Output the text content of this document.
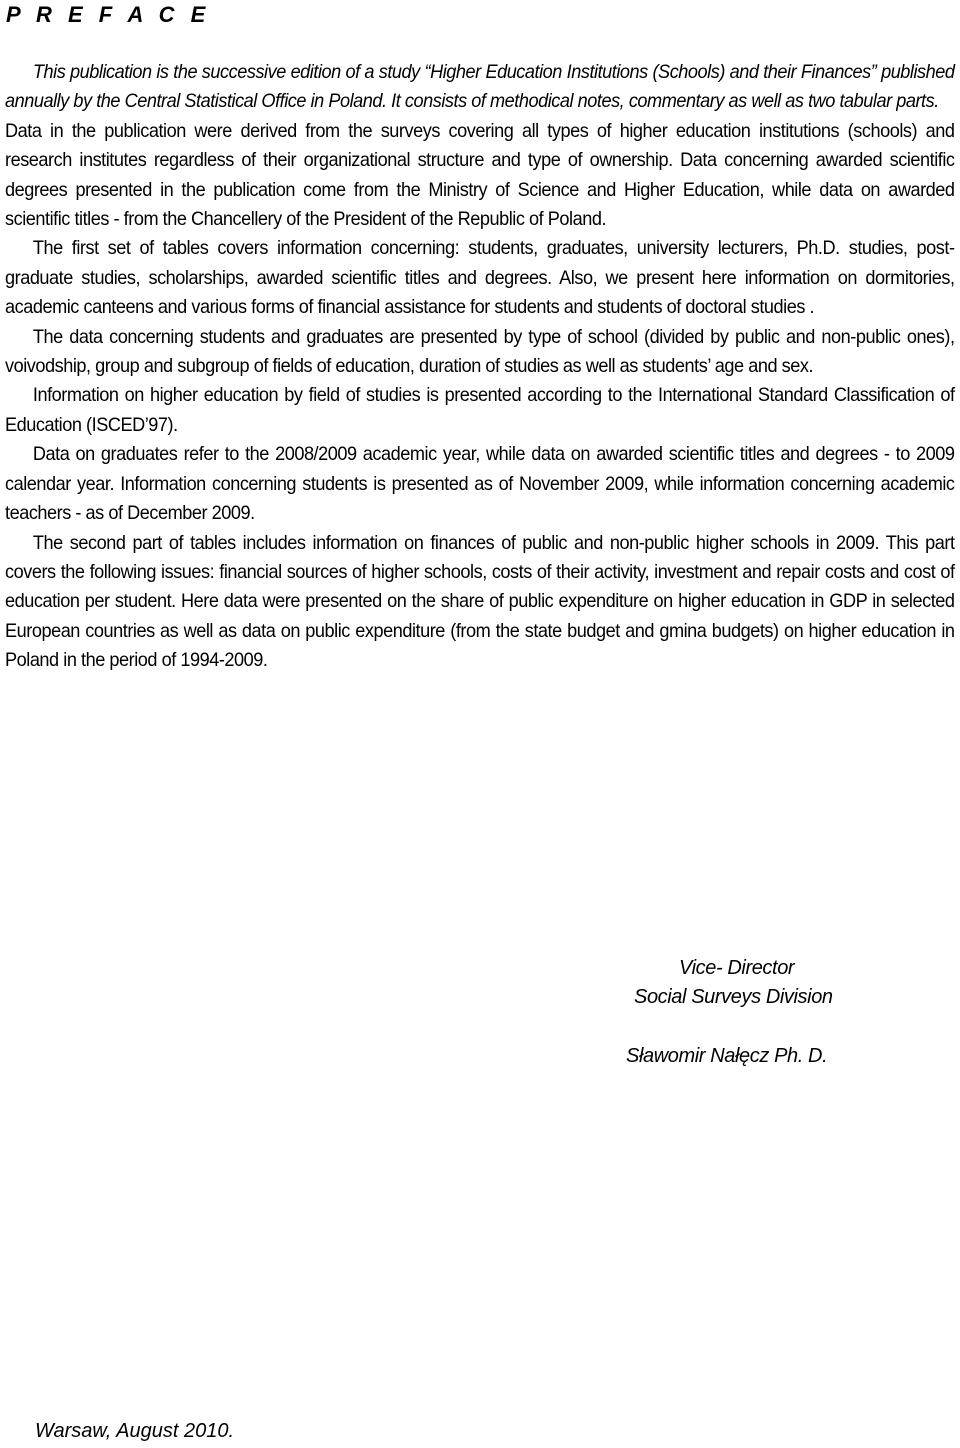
P R E F A C E

This publication is the successive edition of a study “Higher Education Institutions (Schools) and their Finances” published annually by the Central Statistical Office in Poland. It consists of methodical notes, commentary as well as two tabular parts.

Data in the publication were derived from the surveys covering all types of higher education institutions (schools) and research institutes regardless of their organizational structure and type of ownership. Data concerning awarded scientific degrees presented in the publication come from the Ministry of Science and Higher Education, while data on awarded scientific titles - from the Chancellery of the President of the Republic of Poland.

The first set of tables covers information concerning: students, graduates, university lecturers, Ph.D. studies, post-graduate studies, scholarships, awarded scientific titles and degrees. Also, we present here information on dormitories, academic canteens and various forms of financial assistance for students and students of doctoral studies .

The data concerning students and graduates are presented by type of school (divided by public and non-public ones), voivodship, group and subgroup of fields of education, duration of studies as well as students’ age and sex.

Information on higher education by field of studies is presented according to the International Standard Classification of Education (ISCED’97).

Data on graduates refer to the 2008/2009 academic year, while data on awarded scientific titles and degrees - to 2009 calendar year. Information concerning students is presented as of November 2009, while information concerning academic teachers - as of December 2009.

The second part of tables includes information on finances of public and non-public higher schools in 2009. This part covers the following issues: financial sources of higher schools, costs of their activity, investment and repair costs and cost of education per student. Here data were presented on the share of public expenditure on higher education in GDP in selected European countries as well as data on public expenditure (from the state budget and gmina budgets) on higher education in Poland in the period of 1994-2009.

Vice- Director
Social Surveys Division
Sławomir Nałęcz Ph. D.
Warsaw, August 2010.
